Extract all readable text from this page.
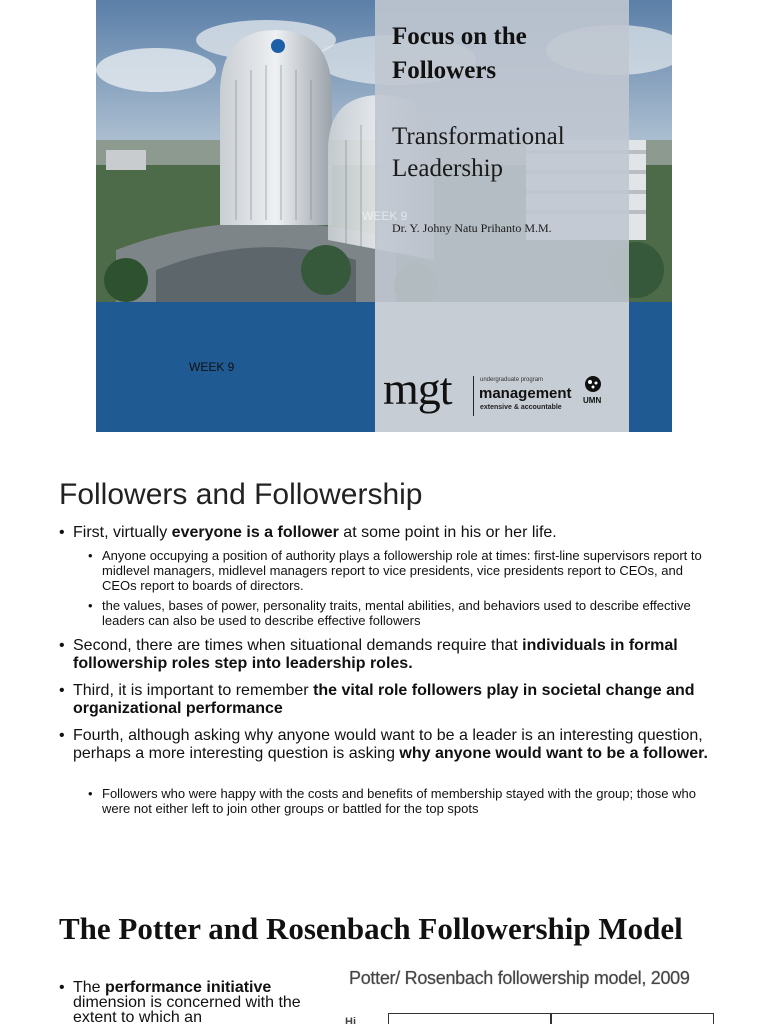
Focus on the Followers
Transformational Leadership
Dr. Y. Johny Natu Prihanto M.M.
WEEK 9
WEEK 9	mgt	undergraduate program
management
extensive & accountable
UMN
Followers and Followership
• First, virtually everyone is a follower at some point in his or her life.
• Anyone occupying a position of authority plays a followership role at times: first-line supervisors report to midlevel managers, midlevel managers report to vice presidents, vice presidents report to CEOs, and CEOs report to boards of directors.
• the values, bases of power, personality traits, mental abilities, and behaviors used to describe effective leaders can also be used to describe effective followers
• Second, there are times when situational demands require that individuals in formal followership roles step into leadership roles.
• Third, it is important to remember the vital role followers play in societal change and organizational performance
• Fourth, although asking why anyone would want to be a leader is an interesting question, perhaps a more interesting question is asking why anyone would want to be a follower.
• Followers who were happy with the costs and benefits of membership stayed with the group; those who were not either left to join other groups or battled for the top spots
The Potter and Rosenbach Followership Model
• The performance initiative dimension is concerned with the extent to which an
Potter/ Rosenbach followership model, 2009
Hi
